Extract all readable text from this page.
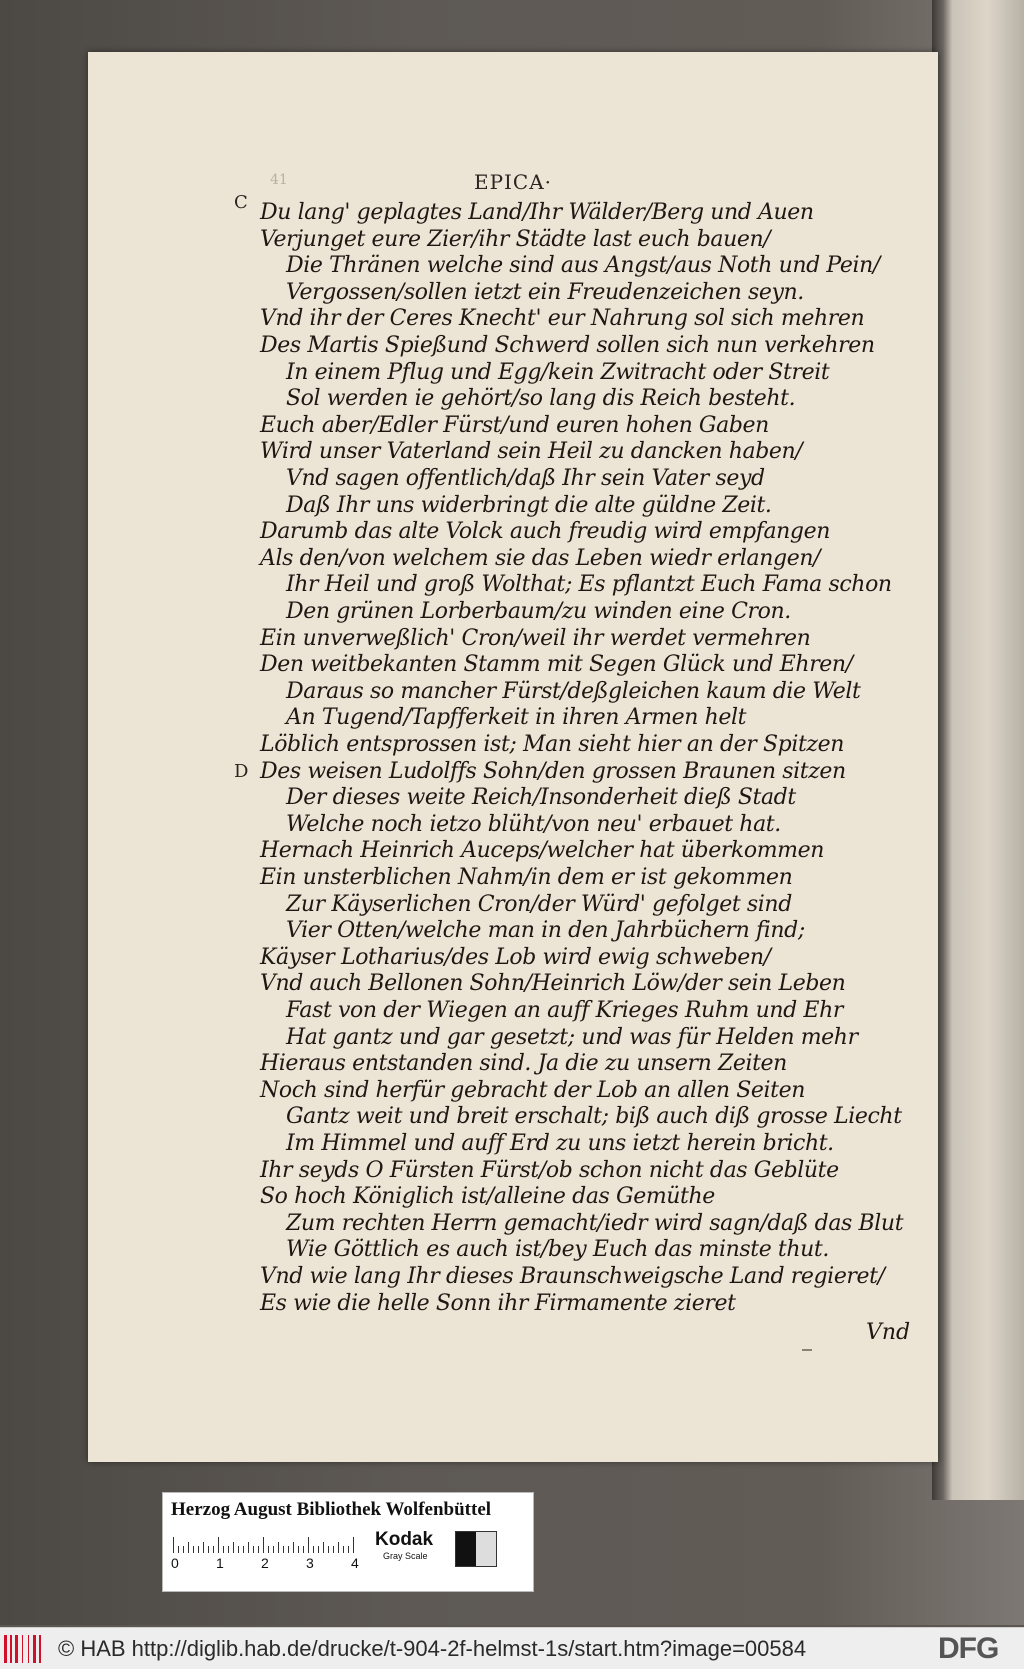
41	EPICA·
C
D
Du lang' geplagtes Land/Ihr Wälder/Berg und Auen
Verjunget eure Zier/ihr Städte last euch bauen/
Die Thränen welche sind aus Angst/aus Noth und Pein/
Vergossen/sollen ietzt ein Freudenzeichen seyn.
Vnd ihr der Ceres Knecht' eur Nahrung sol sich mehren
Des Martis Spießund Schwerd sollen sich nun verkehren
In einem Pflug und Egg/kein Zwitracht oder Streit
Sol werden ie gehört/so lang dis Reich besteht.
Euch aber/Edler Fürst/und euren hohen Gaben
Wird unser Vaterland sein Heil zu dancken haben/
Vnd sagen offentlich/daß Ihr sein Vater seyd
Daß Ihr uns widerbringt die alte güldne Zeit.
Darumb das alte Volck auch freudig wird empfangen
Als den/von welchem sie das Leben wiedr erlangen/
Ihr Heil und groß Wolthat; Es pflantzt Euch Fama schon
Den grünen Lorberbaum/zu winden eine Cron.
Ein unverweßlich' Cron/weil ihr werdet vermehren
Den weitbekanten Stamm mit Segen Glück und Ehren/
Daraus so mancher Fürst/deßgleichen kaum die Welt
An Tugend/Tapfferkeit in ihren Armen helt
Löblich entsprossen ist; Man sieht hier an der Spitzen
Des weisen Ludolffs Sohn/den grossen Braunen sitzen
Der dieses weite Reich/Insonderheit dieß Stadt
Welche noch ietzo blüht/von neu' erbauet hat.
Hernach Heinrich Auceps/welcher hat überkommen
Ein unsterblichen Nahm/in dem er ist gekommen
Zur Käyserlichen Cron/der Würd' gefolget sind
Vier Otten/welche man in den Jahrbüchern find;
Käyser Lotharius/des Lob wird ewig schweben/
Vnd auch Bellonen Sohn/Heinrich Löw/der sein Leben
Fast von der Wiegen an auff Krieges Ruhm und Ehr
Hat gantz und gar gesetzt; und was für Helden mehr
Hieraus entstanden sind. Ja die zu unsern Zeiten
Noch sind herfür gebracht der Lob an allen Seiten
Gantz weit und breit erschalt; biß auch diß grosse Liecht
Im Himmel und auff Erd zu uns ietzt herein bricht.
Ihr seyds O Fürsten Fürst/ob schon nicht das Geblüte
So hoch Königlich ist/alleine das Gemüthe
Zum rechten Herrn gemacht/iedr wird sagn/daß das Blut
Wie Göttlich es auch ist/bey Euch das minste thut.
Vnd wie lang Ihr dieses Braunschweigsche Land regieret/
Es wie die helle Sonn ihr Firmamente zieret
Vnd
Herzog August Bibliothek Wolfenbüttel
0	1	2	3	4
Kodak
Gray Scale
© HAB http://diglib.hab.de/drucke/t-904-2f-helmst-1s/start.htm?image=00584	DFG
